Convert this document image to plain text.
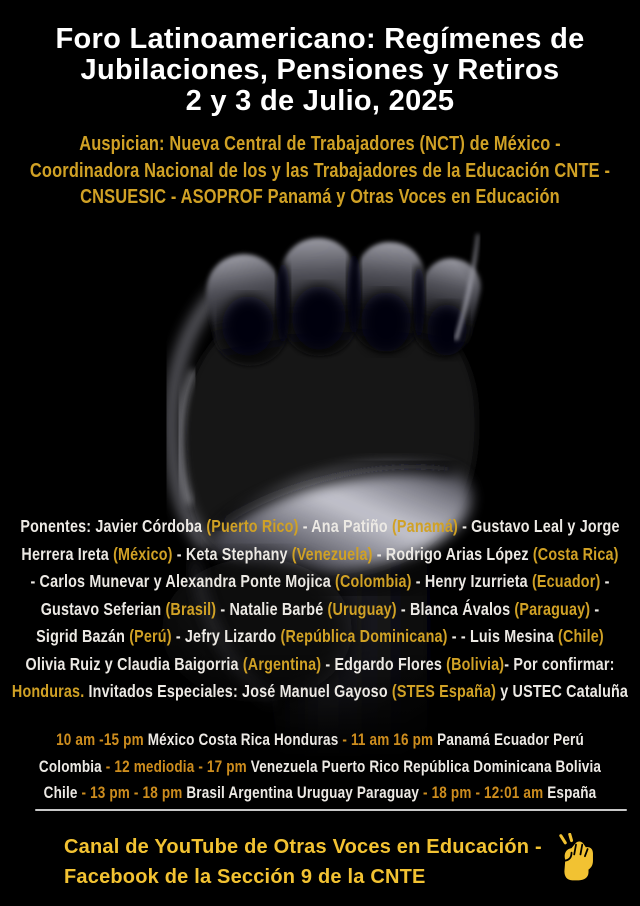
Foro Latinoamericano: Regímenes de
Jubilaciones, Pensiones y Retiros
2 y 3 de Julio, 2025
Auspician: Nueva Central de Trabajadores (NCT) de México -
Coordinadora Nacional de los y las Trabajadores de la Educación CNTE -
CNSUESIC - ASOPROF Panamá y Otras Voces en Educación
Ponentes: Javier Córdoba (Puerto Rico) - Ana Patiño (Panamá) - Gustavo Leal y Jorge
Herrera Ireta (México) - Keta Stephany (Venezuela) - Rodrigo Arias López (Costa Rica)
- Carlos Munevar y Alexandra Ponte Mojica (Colombia) - Henry Izurrieta (Ecuador) -
Gustavo Seferian (Brasil) - Natalie Barbé (Uruguay) - Blanca Ávalos (Paraguay) -
Sigrid Bazán (Perú) - Jefry Lizardo (República Dominicana) - - Luis Mesina (Chile)
Olivia Ruiz y Claudia Baigorria (Argentina) - Edgardo Flores (Bolivia)- Por confirmar:
Honduras. Invitados Especiales: José Manuel Gayoso (STES España) y USTEC Cataluña
10 am -15 pm México Costa Rica Honduras - 11 am 16 pm Panamá Ecuador Perú
Colombia - 12 mediodia - 17 pm Venezuela Puerto Rico República Dominicana Bolivia
Chile - 13 pm - 18 pm Brasil Argentina Uruguay Paraguay - 18 pm - 12:01 am España
Canal de YouTube de Otras Voces en Educación -
Facebook de la Sección 9 de la CNTE
